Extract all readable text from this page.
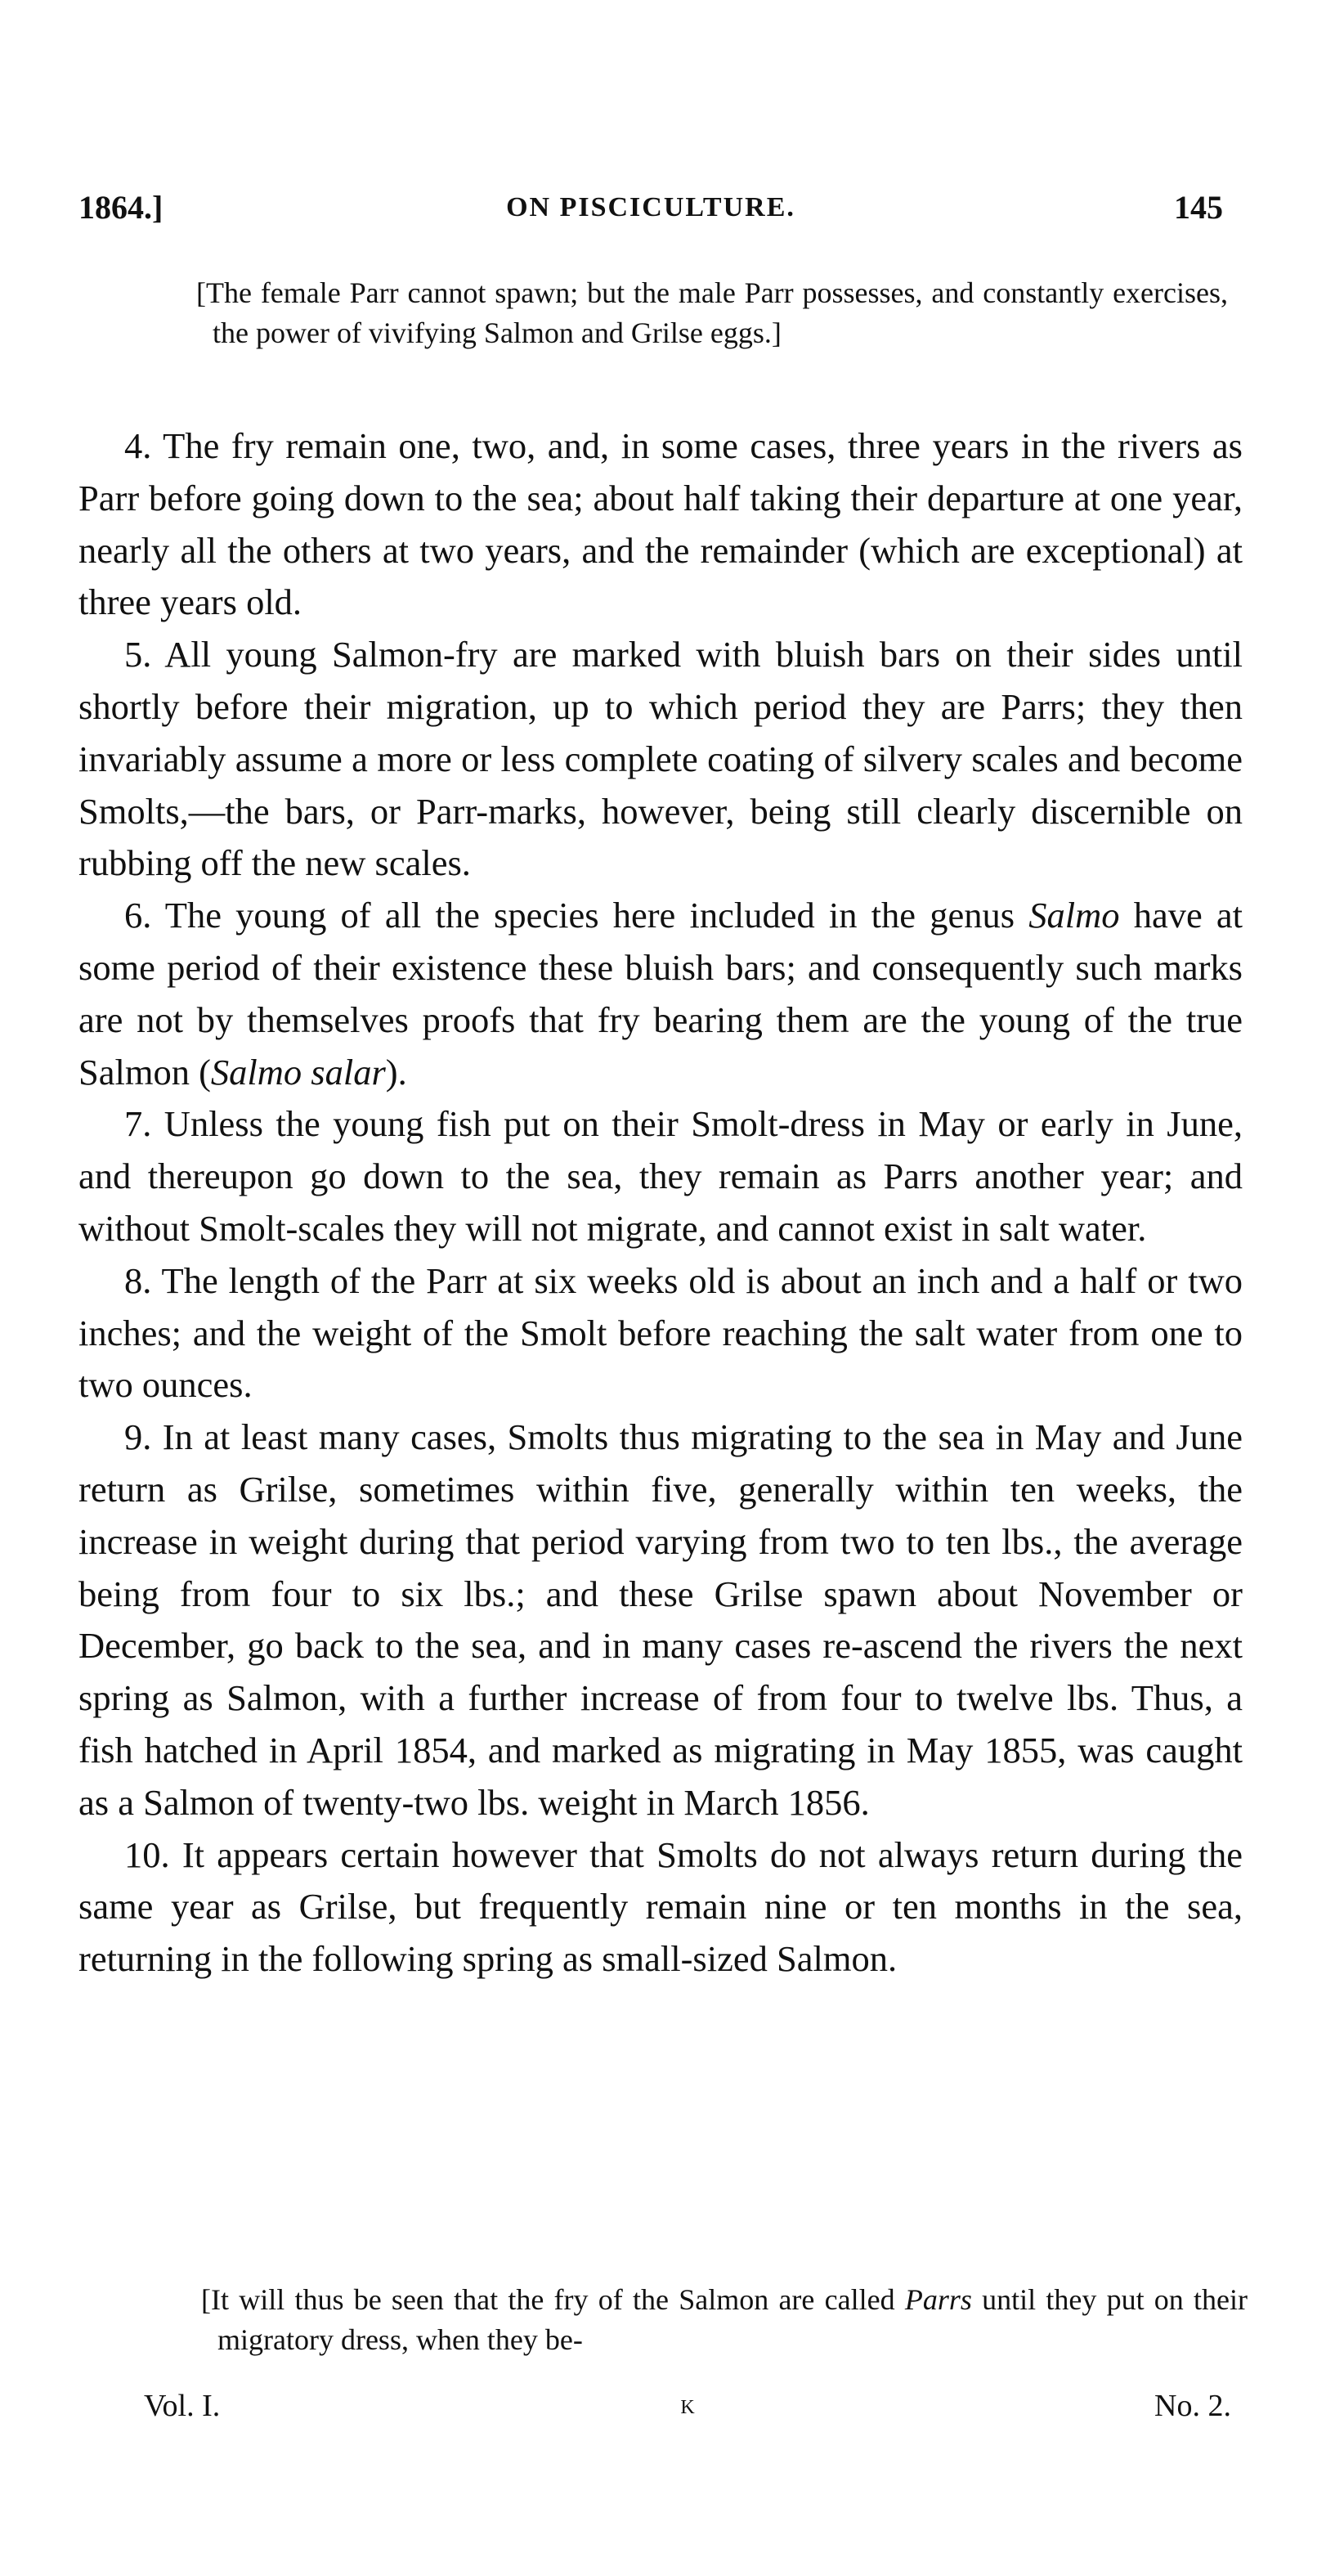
1864.]	ON PISCICULTURE.	145

[The female Parr cannot spawn; but the male Parr possesses, and constantly exercises, the power of vivifying Salmon and Grilse eggs.]

4. The fry remain one, two, and, in some cases, three years in the rivers as Parr before going down to the sea; about half taking their departure at one year, nearly all the others at two years, and the remainder (which are exceptional) at three years old.

5. All young Salmon-fry are marked with bluish bars on their sides until shortly before their migration, up to which period they are Parrs; they then invariably assume a more or less complete coating of silvery scales and become Smolts,—the bars, or Parr-marks, however, being still clearly discernible on rubbing off the new scales.

6. The young of all the species here included in the genus Salmo have at some period of their existence these bluish bars; and consequently such marks are not by themselves proofs that fry bearing them are the young of the true Salmon (Salmo salar).

7. Unless the young fish put on their Smolt-dress in May or early in June, and thereupon go down to the sea, they remain as Parrs another year; and without Smolt-scales they will not migrate, and cannot exist in salt water.

8. The length of the Parr at six weeks old is about an inch and a half or two inches; and the weight of the Smolt before reaching the salt water from one to two ounces.

9. In at least many cases, Smolts thus migrating to the sea in May and June return as Grilse, sometimes within five, generally within ten weeks, the increase in weight during that period varying from two to ten lbs., the average being from four to six lbs.; and these Grilse spawn about November or December, go back to the sea, and in many cases re-ascend the rivers the next spring as Salmon, with a further increase of from four to twelve lbs. Thus, a fish hatched in April 1854, and marked as migrating in May 1855, was caught as a Salmon of twenty-two lbs. weight in March 1856.

10. It appears certain however that Smolts do not always return during the same year as Grilse, but frequently remain nine or ten months in the sea, returning in the following spring as small-sized Salmon.

[It will thus be seen that the fry of the Salmon are called Parrs until they put on their migratory dress, when they be-

Vol. I.	K	No. 2.
